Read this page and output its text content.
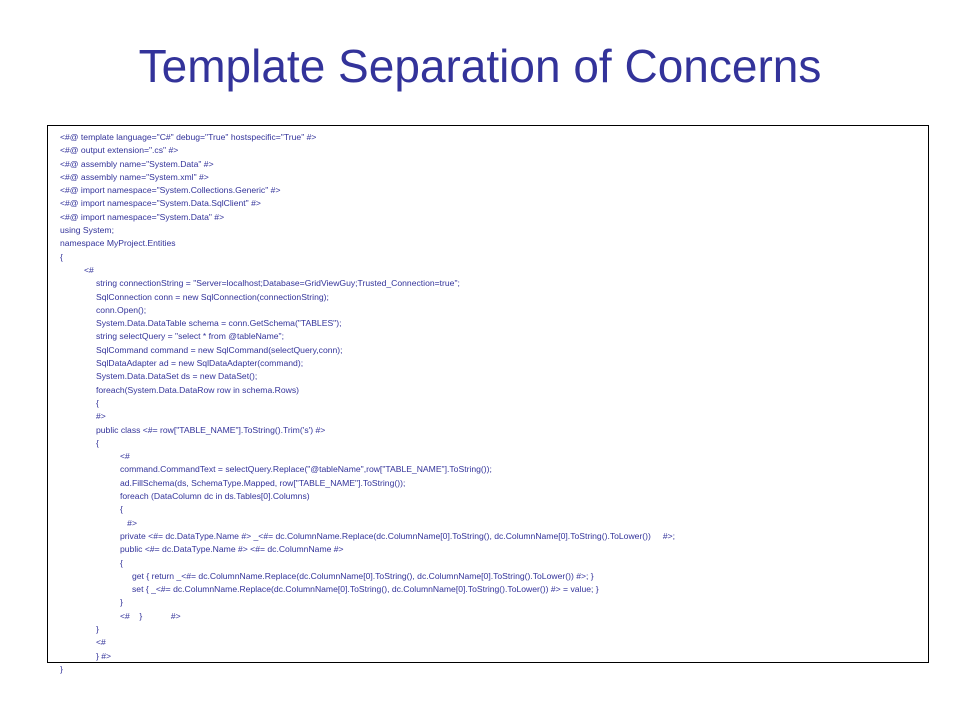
Template Separation of Concerns
<#@ template language="C#" debug="True" hostspecific="True" #>
<#@ output extension=".cs" #>
<#@ assembly name="System.Data" #>
<#@ assembly name="System.xml" #>
<#@ import namespace="System.Collections.Generic" #>
<#@ import namespace="System.Data.SqlClient" #>
<#@ import namespace="System.Data" #>
using System;
namespace MyProject.Entities
{
<#
string connectionString = "Server=localhost;Database=GridViewGuy;Trusted_Connection=true";
SqlConnection conn = new SqlConnection(connectionString);
conn.Open();
System.Data.DataTable schema = conn.GetSchema("TABLES");
string selectQuery = "select * from @tableName";
SqlCommand command = new SqlCommand(selectQuery,conn);
SqlDataAdapter ad = new SqlDataAdapter(command);
System.Data.DataSet ds = new DataSet();
foreach(System.Data.DataRow row in schema.Rows)
{
#>
public class <#= row["TABLE_NAME"].ToString().Trim('s') #>
{
<#
command.CommandText = selectQuery.Replace("@tableName",row["TABLE_NAME"].ToString());
ad.FillSchema(ds, SchemaType.Mapped, row["TABLE_NAME"].ToString());
foreach (DataColumn dc in ds.Tables[0].Columns)
{
#>
private <#= dc.DataType.Name #> _<#= dc.ColumnName.Replace(dc.ColumnName[0].ToString(), dc.ColumnName[0].ToString().ToLower())     #>;
public <#= dc.DataType.Name #> <#= dc.ColumnName #>
{
get { return _<#= dc.ColumnName.Replace(dc.ColumnName[0].ToString(), dc.ColumnName[0].ToString().ToLower()) #>; }
set { _<#= dc.ColumnName.Replace(dc.ColumnName[0].ToString(), dc.ColumnName[0].ToString().ToLower()) #> = value; }
}
<#    }            #>
}
<#
} #>
}
